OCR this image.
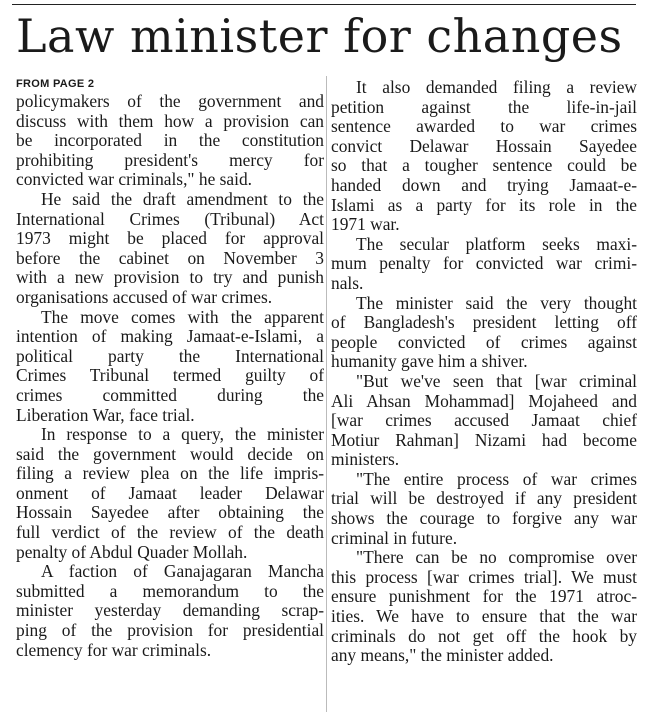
Law minister for changes
FROM PAGE 2
policymakers of the government and
discuss with them how a provision can
be incorporated in the constitution
prohibiting president's mercy for
convicted war criminals," he said.
He said the draft amendment to the
International Crimes (Tribunal) Act
1973 might be placed for approval
before the cabinet on November 3
with a new provision to try and punish
organisations accused of war crimes.
The move comes with the apparent
intention of making Jamaat-e-Islami, a
political party the International
Crimes Tribunal termed guilty of
crimes committed during the
Liberation War, face trial.
In response to a query, the minister
said the government would decide on
filing a review plea on the life impris-
onment of Jamaat leader Delawar
Hossain Sayedee after obtaining the
full verdict of the review of the death
penalty of Abdul Quader Mollah.
A faction of Ganajagaran Mancha
submitted a memorandum to the
minister yesterday demanding scrap-
ping of the provision for presidential
clemency for war criminals.
It also demanded filing a review
petition against the life-in-jail
sentence awarded to war crimes
convict Delawar Hossain Sayedee
so that a tougher sentence could be
handed down and trying Jamaat-e-
Islami as a party for its role in the
1971 war.
The secular platform seeks maxi-
mum penalty for convicted war crimi-
nals.
The minister said the very thought
of Bangladesh's president letting off
people convicted of crimes against
humanity gave him a shiver.
"But we've seen that [war criminal
Ali Ahsan Mohammad] Mojaheed and
[war crimes accused Jamaat chief
Motiur Rahman] Nizami had become
ministers.
"The entire process of war crimes
trial will be destroyed if any president
shows the courage to forgive any war
criminal in future.
"There can be no compromise over
this process [war crimes trial]. We must
ensure punishment for the 1971 atroc-
ities. We have to ensure that the war
criminals do not get off the hook by
any means," the minister added.
